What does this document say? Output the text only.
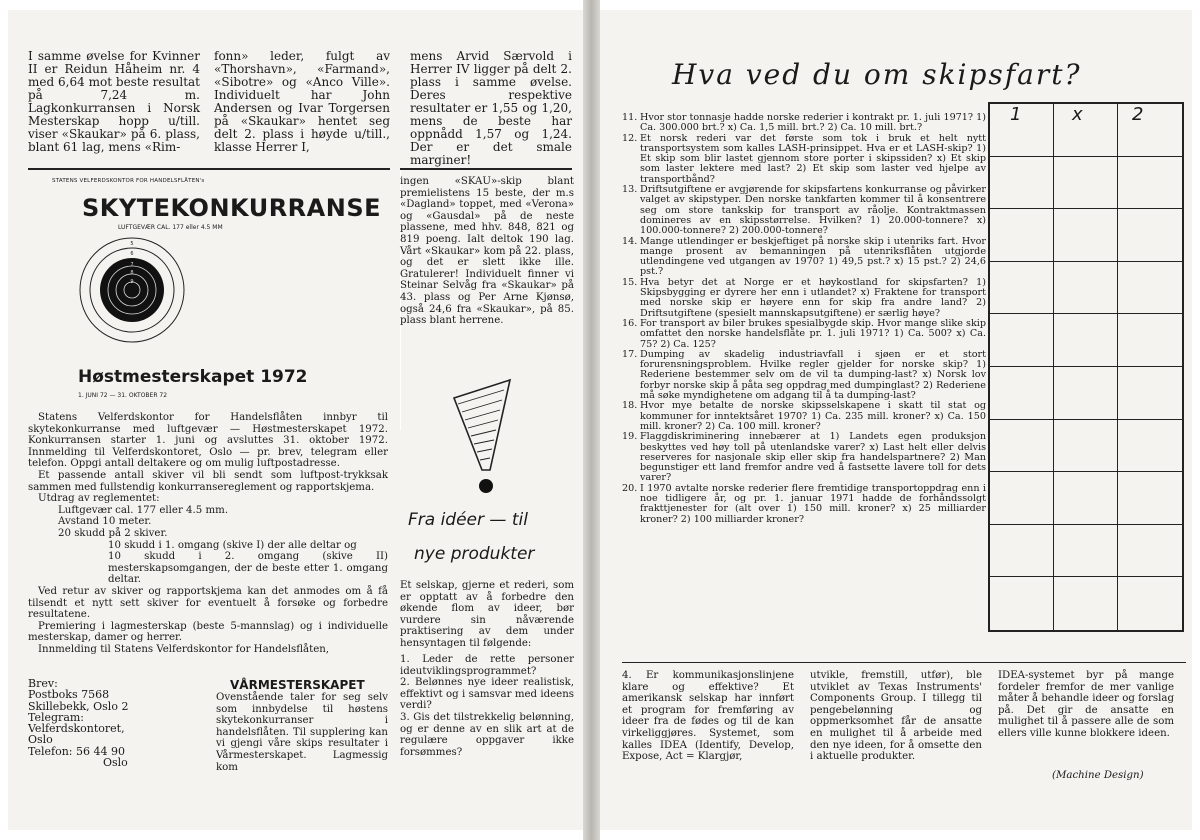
I samme øvelse for Kvinner II er Reidun Håheim nr. 4 med 6,64 mot beste resultat på 7,24 m. Lagkonkurransen i Norsk Mesterskap hopp u/till. viser «Skaukar» på 6. plass, blant 61 lag, mens «Rim-
fonn» leder, fulgt av «Thorshavn», «Farmand», «Sibotre» og «Anco Ville». Individuelt har John Andersen og Ivar Torgersen på «Skaukar» hentet seg delt 2. plass i høyde u/till., klasse Herrer I,
mens Arvid Særvold i Herrer IV ligger på delt 2. plass i samme øvelse. Deres respektive resultater er 1,55 og 1,20, mens de beste har oppnådd 1,57 og 1,24. Der er det smale marginer!
STATENS VELFERDSKONTOR FOR HANDELSFLÅTEN's
SKYTEKONKURRANSE
LUFTGEVÆR CAL. 177 eller 4.5 MM
5
6
7
8
9
Høstmesterskapet 1972
1. JUNI 72 — 31. OKTOBER 72

Statens Velferdskontor for Handelsflåten innbyr til skytekonkurranse med luftgevær — Høstmesterskapet 1972. Konkurransen starter 1. juni og avsluttes 31. oktober 1972. Innmelding til Velferdskontoret, Oslo — pr. brev, telegram eller telefon. Oppgi antall deltakere og om mulig luftpostadresse.

Et passende antall skiver vil bli sendt som luftpost-trykksak sammen med fullstendig konkurransereglement og rapportskjema.

Utdrag av reglementet:

Luftgevær cal. 177 eller 4.5 mm.

Avstand 10 meter.

20 skudd på 2 skiver.

10 skudd i 1. omgang (skive I) der alle deltar og

10 skudd i 2. omgang (skive II) mesterskapsomgangen, der de beste etter 1. omgang deltar.

Ved retur av skiver og rapportskjema kan det anmodes om å få tilsendt et nytt sett skiver for eventuelt å forsøke og forbedre resultatene.

Premiering i lagmesterskap (beste 5-mannslag) og i individuelle mesterskap, damer og herrer.

Innmelding til Statens Velferdskontor for Handelsflåten,

Brev:

Postboks 7568

Skillebekk, Oslo 2

Telegram:

Velferdskontoret,

Oslo

Telefon: 56 44 90

Oslo

VÅRMESTERSKAPET
Ovenstående taler for seg selv som innbydelse til høstens skytekonkurranser i handelsflåten. Til supplering kan vi gjengi våre skips resultater i Vårmesterskapet. Lagmessig kom
ingen «SKAU»-skip blant premielistens 15 beste, der m.s «Dagland» toppet, med «Verona» og «Gausdal» på de neste plassene, med hhv. 848, 821 og 819 poeng. Ialt deltok 190 lag. Vårt «Skaukar» kom på 22. plass, og det er slett ikke ille. Gratulerer! Individuelt finner vi Steinar Selvåg fra «Skaukar» på 43. plass og Per Arne Kjønsø, også 24,6 fra «Skaukar», på 85. plass blant herrene.
Fra idéer — til
nye produkter
Et selskap, gjerne et rederi, som er opptatt av å forbedre den økende flom av ideer, bør vurdere sin nåværende praktisering av dem under hensyntagen til følgende:

1. Leder de rette personer ideutviklingsprogrammet?

2. Belønnes nye ideer realistisk, effektivt og i samsvar med ideens verdi?

3. Gis det tilstrekkelig belønning, og er denne av en slik art at de regulære oppgaver ikke forsømmes?

Hva ved du om skipsfart?
11. Hvor stor tonnasje hadde norske rederier i kontrakt pr. 1. juli 1971? 1) Ca. 300.000 brt.? x) Ca. 1,5 mill. brt.? 2) Ca. 10 mill. brt.?
12. Et norsk rederi var det første som tok i bruk et helt nytt transportsystem som kalles LASH-prinsippet. Hva er et LASH-skip? 1) Et skip som blir lastet gjennom store porter i skipssiden? x) Et skip som laster lektere med last? 2) Et skip som laster ved hjelpe av transportbånd?
13. Driftsutgiftene er avgjørende for skipsfartens konkurranse og påvirker valget av skipstyper. Den norske tankfarten kommer til å konsentrere seg om store tankskip for transport av råolje. Kontraktmassen domineres av en skipsstørrelse. Hvilken? 1) 20.000-tonnere? x) 100.000-tonnere? 2) 200.000-tonnere?
14. Mange utlendinger er beskjeftiget på norske skip i utenriks fart. Hvor mange prosent av bemanningen på utenriksflåten utgjorde utlendingene ved utgangen av 1970? 1) 49,5 pst.? x) 15 pst.? 2) 24,6 pst.?
15. Hva betyr det at Norge er et høykostland for skipsfarten? 1) Skipsbygging er dyrere her enn i utlandet? x) Fraktene for transport med norske skip er høyere enn for skip fra andre land? 2) Driftsutgiftene (spesielt mannskapsutgiftene) er særlig høye?
16. For transport av biler brukes spesialbygde skip. Hvor mange slike skip omfattet den norske handelsflåte pr. 1. juli 1971? 1) Ca. 500? x) Ca. 75? 2) Ca. 125?
17. Dumping av skadelig industriavfall i sjøen er et stort forurensningsproblem. Hvilke regler gjelder for norske skip? 1) Rederiene bestemmer selv om de vil ta dumping-last? x) Norsk lov forbyr norske skip å påta seg oppdrag med dumpinglast? 2) Rederiene må søke myndighetene om adgang til å ta dumping-last?
18. Hvor mye betalte de norske skipsselskapene i skatt til stat og kommuner for inntektsåret 1970? 1) Ca. 235 mill. kroner? x) Ca. 150 mill. kroner? 2) Ca. 100 mill. kroner?
19. Flaggdiskriminering innebærer at 1) Landets egen produksjon beskyttes ved høy toll på utenlandske varer? x) Last helt eller delvis reserveres for nasjonale skip eller skip fra handelspartnere? 2) Man begunstiger ett land fremfor andre ved å fastsette lavere toll for dets varer?
20. I 1970 avtalte norske rederier flere fremtidige transportoppdrag enn i noe tidligere år, og pr. 1. januar 1971 hadde de forhåndssolgt frakttjenester for (alt over 1) 150 mill. kroner? x) 25 milliarder kroner? 2) 100 milliarder kroner?
1	x	2
4. Er kommunikasjonslinjene klare og effektive? Et amerikansk selskap har innført et program for fremføring av ideer fra de fødes og til de kan virkeliggjøres. Systemet, som kalles IDEA (Identify, Develop, Expose, Act = Klargjør,
utvikle, fremstill, utfør), ble utviklet av Texas Instruments' Components Group. I tillegg til pengebelønning og oppmerksomhet får de ansatte en mulighet til å arbeide med den nye ideen, for å omsette den i aktuelle produkter.
IDEA-systemet byr på mange fordeler fremfor de mer vanlige måter å behandle ideer og forslag på. Det gir de ansatte en mulighet til å passere alle de som ellers ville kunne blokkere ideen.
(Machine Design)
